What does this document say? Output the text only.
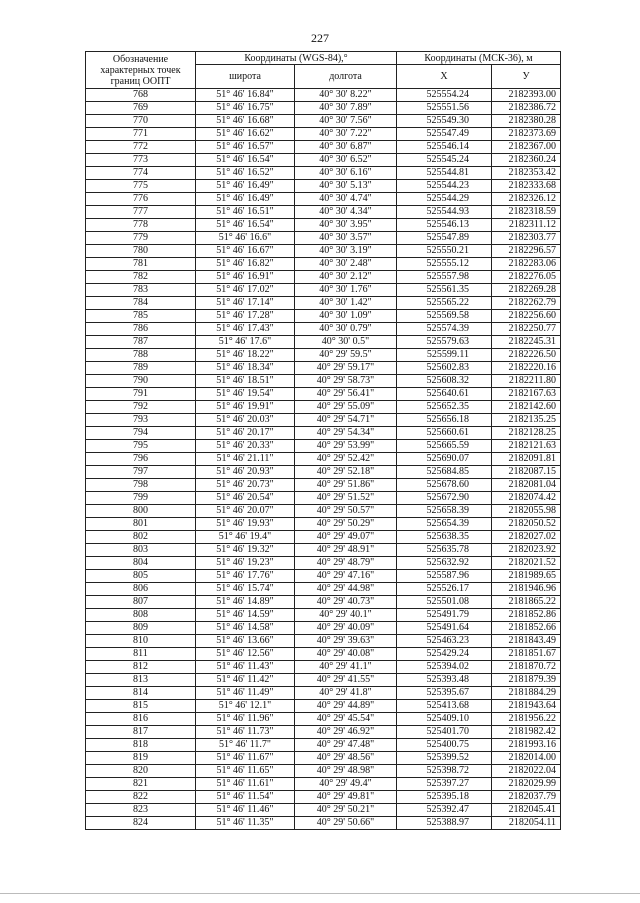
227
Обозначение характерных точек границ ООПТ	Координаты (WGS-84),°		Координаты (МСК-36), м	
	широта	долгота	X	У
768	51° 46' 16.84"	40° 30' 8.22"	525554.24	2182393.00
769	51° 46' 16.75"	40° 30' 7.89"	525551.56	2182386.72
770	51° 46' 16.68"	40° 30' 7.56"	525549.30	2182380.28
771	51° 46' 16.62"	40° 30' 7.22"	525547.49	2182373.69
772	51° 46' 16.57"	40° 30' 6.87"	525546.14	2182367.00
773	51° 46' 16.54"	40° 30' 6.52"	525545.24	2182360.24
774	51° 46' 16.52"	40° 30' 6.16"	525544.81	2182353.42
775	51° 46' 16.49"	40° 30' 5.13"	525544.23	2182333.68
776	51° 46' 16.49"	40° 30' 4.74"	525544.29	2182326.12
777	51° 46' 16.51"	40° 30' 4.34"	525544.93	2182318.59
778	51° 46' 16.54"	40° 30' 3.95"	525546.13	2182311.12
779	51° 46' 16.6"	40° 30' 3.57"	525547.89	2182303.77
780	51° 46' 16.67"	40° 30' 3.19"	525550.21	2182296.57
781	51° 46' 16.82"	40° 30' 2.48"	525555.12	2182283.06
782	51° 46' 16.91"	40° 30' 2.12"	525557.98	2182276.05
783	51° 46' 17.02"	40° 30' 1.76"	525561.35	2182269.28
784	51° 46' 17.14"	40° 30' 1.42"	525565.22	2182262.79
785	51° 46' 17.28"	40° 30' 1.09"	525569.58	2182256.60
786	51° 46' 17.43"	40° 30' 0.79"	525574.39	2182250.77
787	51° 46' 17.6"	40° 30' 0.5"	525579.63	2182245.31
788	51° 46' 18.22"	40° 29' 59.5"	525599.11	2182226.50
789	51° 46' 18.34"	40° 29' 59.17"	525602.83	2182220.16
790	51° 46' 18.51"	40° 29' 58.73"	525608.32	2182211.80
791	51° 46' 19.54"	40° 29' 56.41"	525640.61	2182167.63
792	51° 46' 19.91"	40° 29' 55.09"	525652.35	2182142.60
793	51° 46' 20.03"	40° 29' 54.71"	525656.18	2182135.25
794	51° 46' 20.17"	40° 29' 54.34"	525660.61	2182128.25
795	51° 46' 20.33"	40° 29' 53.99"	525665.59	2182121.63
796	51° 46' 21.11"	40° 29' 52.42"	525690.07	2182091.81
797	51° 46' 20.93"	40° 29' 52.18"	525684.85	2182087.15
798	51° 46' 20.73"	40° 29' 51.86"	525678.60	2182081.04
799	51° 46' 20.54"	40° 29' 51.52"	525672.90	2182074.42
800	51° 46' 20.07"	40° 29' 50.57"	525658.39	2182055.98
801	51° 46' 19.93"	40° 29' 50.29"	525654.39	2182050.52
802	51° 46' 19.4"	40° 29' 49.07"	525638.35	2182027.02
803	51° 46' 19.32"	40° 29' 48.91"	525635.78	2182023.92
804	51° 46' 19.23"	40° 29' 48.79"	525632.92	2182021.52
805	51° 46' 17.76"	40° 29' 47.16"	525587.96	2181989.65
806	51° 46' 15.74"	40° 29' 44.98"	525526.17	2181946.96
807	51° 46' 14.89"	40° 29' 40.73"	525501.08	2181865.22
808	51° 46' 14.59"	40° 29' 40.1"	525491.79	2181852.86
809	51° 46' 14.58"	40° 29' 40.09"	525491.64	2181852.66
810	51° 46' 13.66"	40° 29' 39.63"	525463.23	2181843.49
811	51° 46' 12.56"	40° 29' 40.08"	525429.24	2181851.67
812	51° 46' 11.43"	40° 29' 41.1"	525394.02	2181870.72
813	51° 46' 11.42"	40° 29' 41.55"	525393.48	2181879.39
814	51° 46' 11.49"	40° 29' 41.8"	525395.67	2181884.29
815	51° 46' 12.1"	40° 29' 44.89"	525413.68	2181943.64
816	51° 46' 11.96"	40° 29' 45.54"	525409.10	2181956.22
817	51° 46' 11.73"	40° 29' 46.92"	525401.70	2181982.42
818	51° 46' 11.7"	40° 29' 47.48"	525400.75	2181993.16
819	51° 46' 11.67"	40° 29' 48.56"	525399.52	2182014.00
820	51° 46' 11.65"	40° 29' 48.98"	525398.72	2182022.04
821	51° 46' 11.61"	40° 29' 49.4"	525397.27	2182029.99
822	51° 46' 11.54"	40° 29' 49.81"	525395.18	2182037.79
823	51° 46' 11.46"	40° 29' 50.21"	525392.47	2182045.41
824	51° 46' 11.35"	40° 29' 50.66"	525388.97	2182054.11
